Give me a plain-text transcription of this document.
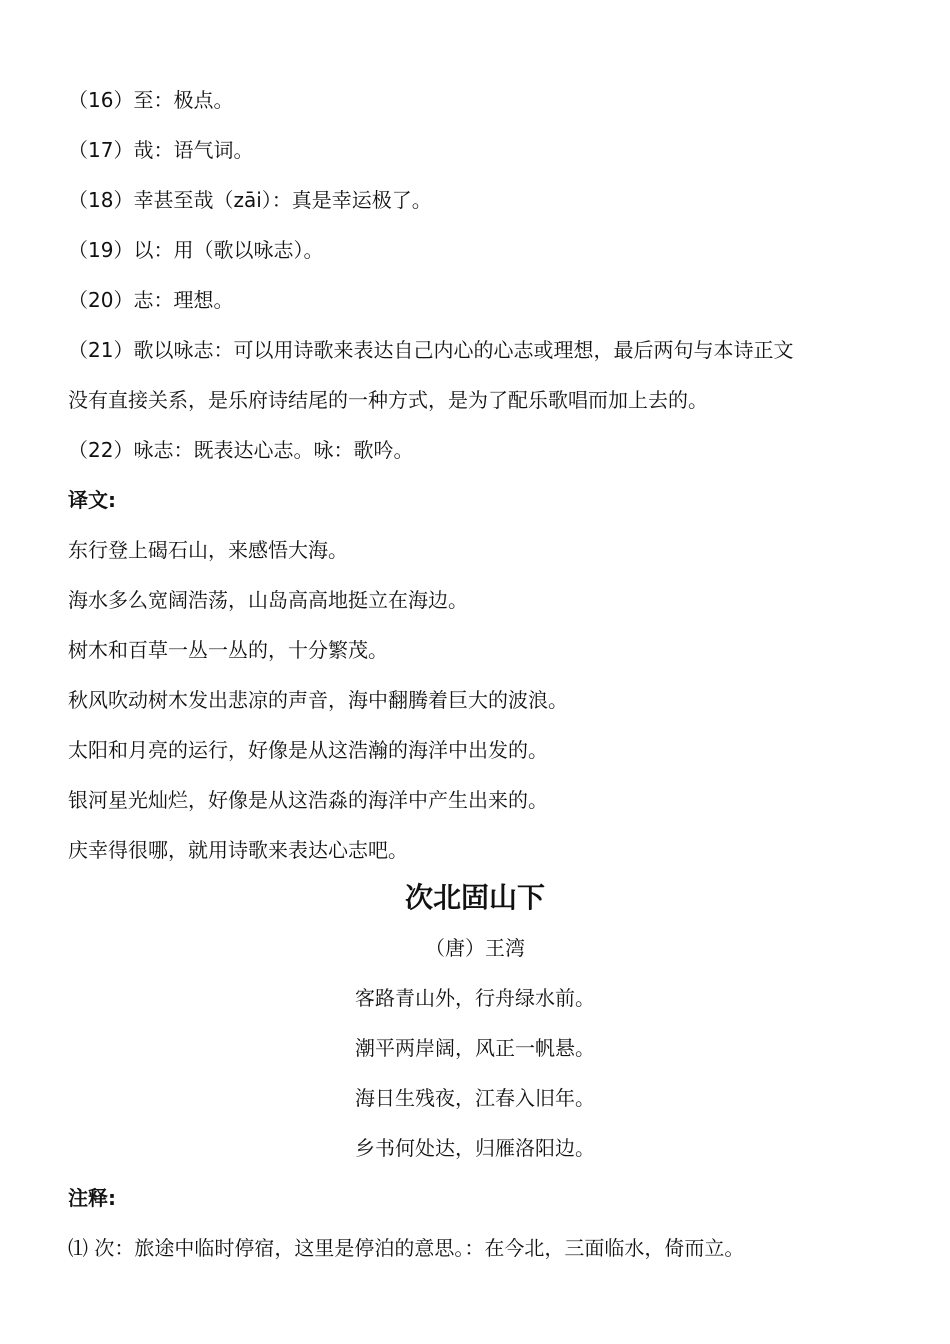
（16）至：极点。
（17）哉：语气词。
（18）幸甚至哉（zāi）：真是幸运极了。
（19）以：用（歌以咏志）。
（20）志：理想。
（21）歌以咏志：可以用诗歌来表达自己内心的心志或理想，最后两句与本诗正文
没有直接关系，是乐府诗结尾的一种方式，是为了配乐歌唱而加上去的。
（22）咏志：既表达心志。咏：歌吟。
译文:
东行登上碣石山，来感悟大海。
海水多么宽阔浩荡，山岛高高地挺立在海边。
树木和百草一丛一丛的，十分繁茂。
秋风吹动树木发出悲凉的声音，海中翻腾着巨大的波浪。
太阳和月亮的运行，好像是从这浩瀚的海洋中出发的。
银河星光灿烂，好像是从这浩淼的海洋中产生出来的。
庆幸得很哪，就用诗歌来表达心志吧。
次北固山下
（唐）王湾
客路青山外，行舟绿水前。
潮平两岸阔，风正一帆悬。
海日生残夜，江春入旧年。
乡书何处达，归雁洛阳边。
注释:
⑴ 次：旅途中临时停宿，这里是停泊的意思。：在今北，三面临水，倚而立。
